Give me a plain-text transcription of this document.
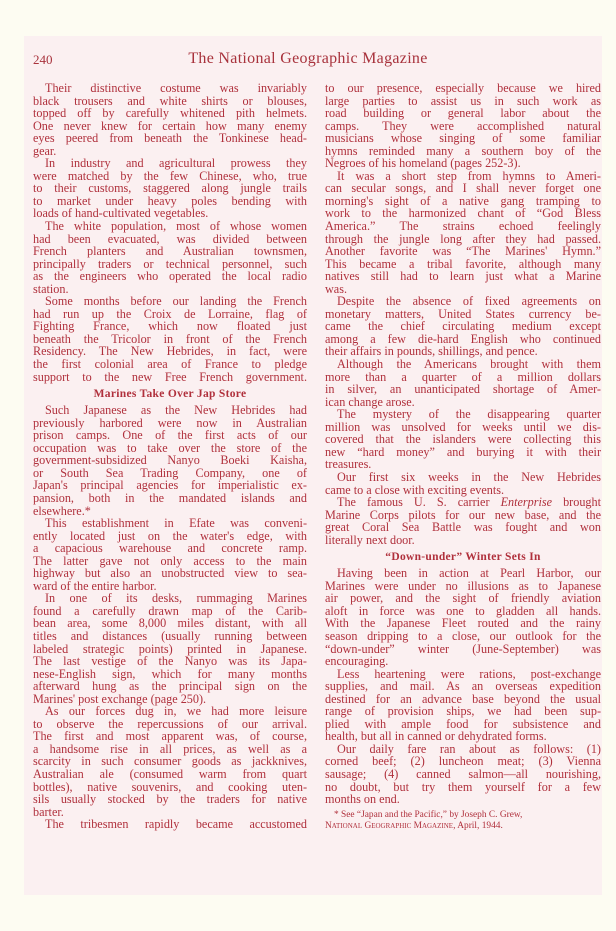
240	The National Geographic Magazine
Their distinctive costume was invariably
black trousers and white shirts or blouses,
topped off by carefully whitened pith helmets.
One never knew for certain how many enemy
eyes peered from beneath the Tonkinese head-
gear.
In industry and agricultural prowess they
were matched by the few Chinese, who, true
to their customs, staggered along jungle trails
to market under heavy poles bending with
loads of hand-cultivated vegetables.
The white population, most of whose women
had been evacuated, was divided between
French planters and Australian townsmen,
principally traders or technical personnel, such
as the engineers who operated the local radio
station.
Some months before our landing the French
had run up the Croix de Lorraine, flag of
Fighting France, which now floated just
beneath the Tricolor in front of the French
Residency. The New Hebrides, in fact, were
the first colonial area of France to pledge
support to the new Free French government.
Marines Take Over Jap Store
Such Japanese as the New Hebrides had
previously harbored were now in Australian
prison camps. One of the first acts of our
occupation was to take over the store of the
government-subsidized Nanyo Boeki Kaisha,
or South Sea Trading Company, one of
Japan's principal agencies for imperialistic ex-
pansion, both in the mandated islands and
elsewhere.*
This establishment in Efate was conveni-
ently located just on the water's edge, with
a capacious warehouse and concrete ramp.
The latter gave not only access to the main
highway but also an unobstructed view to sea-
ward of the entire harbor.
In one of its desks, rummaging Marines
found a carefully drawn map of the Carib-
bean area, some 8,000 miles distant, with all
titles and distances (usually running between
labeled strategic points) printed in Japanese.
The last vestige of the Nanyo was its Japa-
nese-English sign, which for many months
afterward hung as the principal sign on the
Marines' post exchange (page 250).
As our forces dug in, we had more leisure
to observe the repercussions of our arrival.
The first and most apparent was, of course,
a handsome rise in all prices, as well as a
scarcity in such consumer goods as jackknives,
Australian ale (consumed warm from quart
bottles), native souvenirs, and cooking uten-
sils usually stocked by the traders for native
barter.
The tribesmen rapidly became accustomed
to our presence, especially because we hired
large parties to assist us in such work as
road building or general labor about the
camps. They were accomplished natural
musicians whose singing of some familiar
hymns reminded many a southern boy of the
Negroes of his homeland (pages 252-3).
It was a short step from hymns to Ameri-
can secular songs, and I shall never forget one
morning's sight of a native gang tramping to
work to the harmonized chant of “God Bless
America.” The strains echoed feelingly
through the jungle long after they had passed.
Another favorite was “The Marines' Hymn.”
This became a tribal favorite, although many
natives still had to learn just what a Marine
was.
Despite the absence of fixed agreements on
monetary matters, United States currency be-
came the chief circulating medium except
among a few die-hard English who continued
their affairs in pounds, shillings, and pence.
Although the Americans brought with them
more than a quarter of a million dollars
in silver, an unanticipated shortage of Amer-
ican change arose.
The mystery of the disappearing quarter
million was unsolved for weeks until we dis-
covered that the islanders were collecting this
new “hard money” and burying it with their
treasures.
Our first six weeks in the New Hebrides
came to a close with exciting events.
The famous U. S. carrier Enterprise brought
Marine Corps pilots for our new base, and the
great Coral Sea Battle was fought and won
literally next door.
“Down-under” Winter Sets In
Having been in action at Pearl Harbor, our
Marines were under no illusions as to Japanese
air power, and the sight of friendly aviation
aloft in force was one to gladden all hands.
With the Japanese Fleet routed and the rainy
season dripping to a close, our outlook for the
“down-under” winter (June-September) was
encouraging.
Less heartening were rations, post-exchange
supplies, and mail. As an overseas expedition
destined for an advance base beyond the usual
range of provision ships, we had been sup-
plied with ample food for subsistence and
health, but all in canned or dehydrated forms.
Our daily fare ran about as follows: (1)
corned beef; (2) luncheon meat; (3) Vienna
sausage; (4) canned salmon—all nourishing,
no doubt, but try them yourself for a few
months on end.
* See “Japan and the Pacific,” by Joseph C. Grew,
National Geographic Magazine, April, 1944.
